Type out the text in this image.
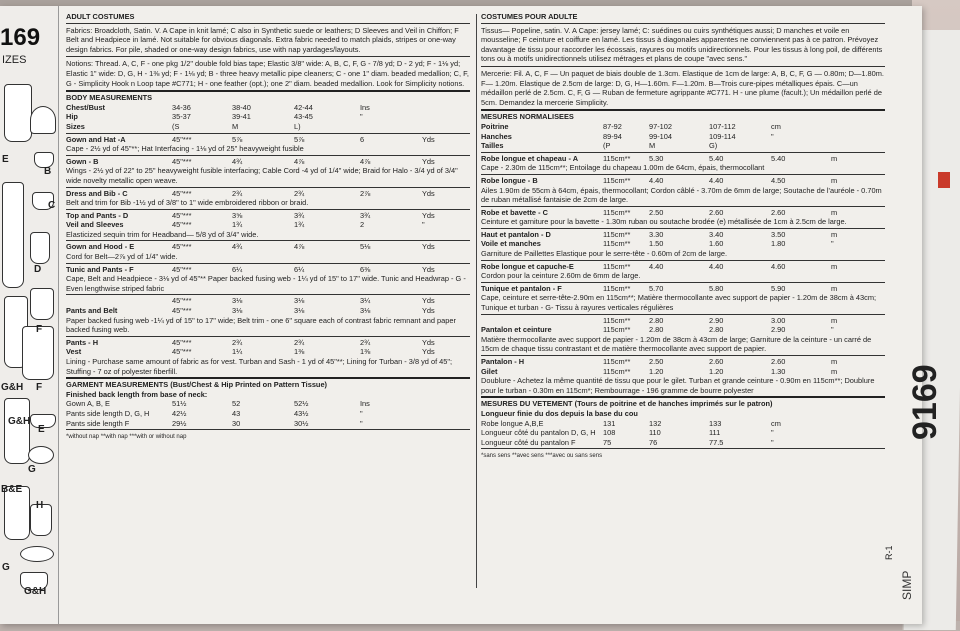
169
IZES
E
B
C
D
F
G&H F
E
H
G&H
G
B&E
G
G&H
ADULT COSTUMES
Fabrics: Broadcloth, Satin. V. A Cape in knit lamé; C also in Synthetic suede or leathers; D Sleeves and Veil in Chiffon; F Belt and Headpiece in lamé. Not suitable for obvious diagonals. Extra fabric needed to match plaids, stripes or one-way design fabrics. For pile, shaded or one-way design fabrics, use with nap yardages/layouts.
Notions: Thread. A, C, F - one pkg 1/2" double fold bias tape; Elastic 3/8" wide: A, B, C, F, G - 7/8 yd; D - 2 yd; F - 1⅛ yd; Elastic 1" wide: D, G, H - 1⅜ yd; F - 1⅛ yd; B - three heavy metallic pipe cleaners; C - one 1" diam. beaded medallion; C, F, G - Simplicity Hook n Loop tape #C771; H - one feather (opt.); one 2" diam. beaded medallion. Look for Simplicity notions.
BODY MEASUREMENTS
Chest/Bust	34-36	38-40	42-44	Ins
Hip	35-37	39-41	43-45	"
Sizes	(S	M	L)
Gown and Hat -A	45"***	5⅞	5⅞	6	Yds
Cape - 2½ yd of 45"**; Hat Interfacing - 1⅛ yd of 25" heavyweight fusible
Gown - B	45"***	4¾	4⅞	4⅞	Yds
Wings - 2½ yd of 22" to 25" heavyweight fusible interfacing; Cable Cord -4 yd of 1/4" wide; Braid for Halo - 3/4 yd of 3/4" wide novelty metallic open weave.
Dress and Bib - C	45"***	2¾	2¾	2⅞	Yds
Belt and trim for Bib -1½ yd of 3/8" to 1" wide embroidered ribbon or braid.
Top and Pants - D	45"***	3⅝	3¾	3¾	Yds
Veil and Sleeves	45"***	1¾	1¾	2	"
Elasticized sequin trim for Headband— 5/8 yd of 3/4" wide.
Gown and Hood - E	45"***	4¾	4⅞	5⅛	Yds
Cord for Belt—2⅞ yd of 1/4" wide.
Tunic and Pants - F	45"***	6¼	6¼	6⅜	Yds
Cape, Belt and Headpiece - 3⅛ yd of 45"** Paper backed fusing web - 1¼ yd of 15" to 17" wide. Tunic and Headwrap - G - Even lengthwise striped fabric
45"***	3⅛	3⅛	3¼	Yds
Pants and Belt	45"***	3⅛	3⅛	3⅛	Yds
Paper backed fusing web -1¼ yd of 15" to 17" wide; Belt trim - one 6" square each of contrast fabric remnant and paper backed fusing web.
Pants - H	45"***	2¾	2¾	2¾	Yds
Vest	45"***	1¼	1⅜	1⅜	Yds
Lining - Purchase same amount of fabric as for vest. Turban and Sash - 1 yd of 45"**; Lining for Turban - 3/8 yd of 45"; Stuffing - 7 oz of polyester fiberfill.
GARMENT MEASUREMENTS (Bust/Chest & Hip Printed on Pattern Tissue)
Finished back length from base of neck:
Gown A, B, E	51½	52	52½	Ins
Pants side length D, G, H	42½	43	43½	"
Pants side length F	29½	30	30½	"
*without nap **with nap ***with or without nap
COSTUMES POUR ADULTE
Tissus— Popeline, satin. V. A Cape: jersey lamé; C: suédines ou cuirs synthétiques aussi; D manches et voile en mousseline; F ceinture et coiffure en lamé. Les tissus à diagonales apparentes ne conviennent pas à ce patron. Prévoyez davantage de tissu pour raccorder les écossais, rayures ou motifs unidirectionnels. Pour les tissus à long poil, de différents tons ou à motifs unidirectionnels utilisez métrages et plans de coupe "avec sens."
Mercerie: Fil. A, C, F — Un paquet de biais double de 1.3cm. Elastique de 1cm de large: A, B, C, F, G — 0.80m; D—1.80m. F— 1.20m. Elastique de 2.5cm de large: D, G, H—1.60m. F—1.20m. B—Trois cure-pipes métalliques épais. C—un médaillon perlé de 2.5cm. C, F, G — Ruban de fermeture agrippante #C771. H - une plume (facult.); Un médaillon perlé de 5cm. Demandez la mercerie Simplicity.
MESURES NORMALISEES
Poitrine	87-92	97-102	107-112	cm
Hanches	89-94	99-104	109-114	"
Tailles	(P	M	G)
Robe longue et chapeau - A	115cm**	5.30	5.40	5.40	m
Cape - 2.30m de 115cm**; Entoilage du chapeau 1.00m de 64cm, épais, thermocollant
Robe longue - B	115cm**	4.40	4.40	4.50	m
Ailes 1.90m de 55cm à 64cm, épais, thermocollant; Cordon câblé - 3.70m de 6mm de large; Soutache de l'auréole - 0.70m de ruban métallisé fantaisie de 2cm de large.
Robe et bavette - C	115cm**	2.50	2.60	2.60	m
Ceinture et garniture pour la bavette - 1.30m ruban ou soutache brodée (e) métallisée de 1cm à 2.5cm de large.
Haut et pantalon - D	115cm**	3.30	3.40	3.50	m
Voile et manches	115cm**	1.50	1.60	1.80	"
Garniture de Paillettes Elastique pour le serre-tête - 0.60m of 2cm de large.
Robe longue et capuche-E	115cm**	4.40	4.40	4.60	m
Cordon pour la ceinture 2.60m de 6mm de large.
Tunique et pantalon - F	115cm**	5.70	5.80	5.90	m
Cape, ceinture et serre-tête-2.90m en 115cm**; Matière thermocollante avec support de papier - 1.20m de 38cm à 43cm; Tunique et turban - G- Tissu à rayures verticales régulières
115cm**	2.80	2.90	3.00	m
Pantalon et ceinture	115cm**	2.80	2.80	2.90	"
Matière thermocollante avec support de papier - 1.20m de 38cm à 43cm de large; Garniture de la ceinture - un carré de 15cm de chaque tissu contrastant et de matière thermocollante avec support de papier.
Pantalon - H	115cm**	2.50	2.60	2.60	m
Gilet	115cm**	1.20	1.20	1.30	m
Doublure - Achetez la même quantité de tissu que pour le gilet. Turban et grande ceinture - 0.90m en 115cm**; Doublure pour le turban - 0.30m en 115cm*; Rembourrage - 196 gramme de bourre polyester
MESURES DU VETEMENT (Tours de poitrine et de hanches imprimés sur le patron)
Longueur finie du dos depuis la base du cou
Robe longue A,B,E	131	132	133	cm
Longueur côté du pantalon D, G, H 108	110	111	"
Longueur côté du pantalon F	75	76	77.5	"
*sans sens **avec sens ***avec ou sans sens
9169
SIMP
R-1
